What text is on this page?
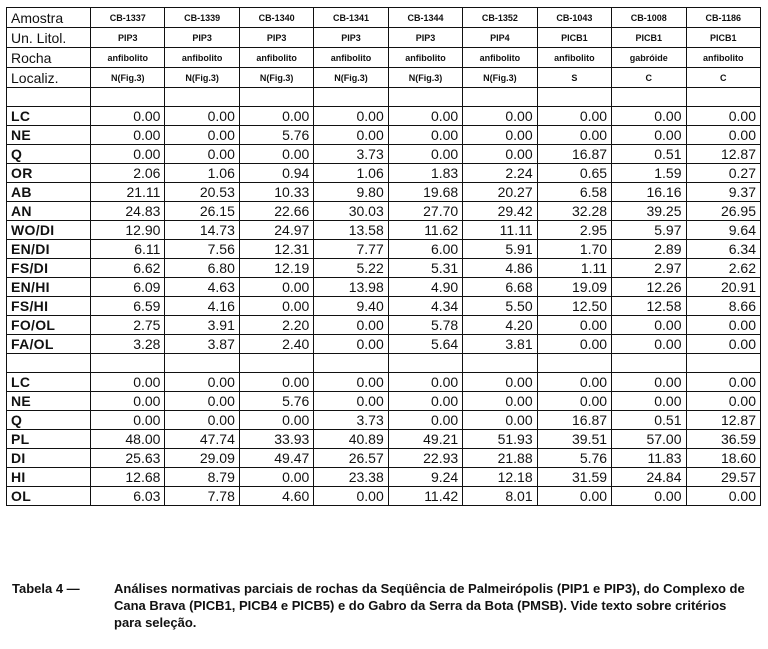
Amostra	CB-1337	CB-1339	CB-1340	CB-1341	CB-1344	CB-1352	CB-1043	CB-1008	CB-1186
Un. Litol.	PIP3	PIP3	PIP3	PIP3	PIP3	PIP4	PICB1	PICB1	PICB1
Rocha	anfibolito	anfibolito	anfibolito	anfibolito	anfibolito	anfibolito	anfibolito	gabróide	anfibolito
Localiz.	N(Fig.3)	N(Fig.3)	N(Fig.3)	N(Fig.3)	N(Fig.3)	N(Fig.3)	S	C	C

LC	0.00	0.00	0.00	0.00	0.00	0.00	0.00	0.00	0.00
NE	0.00	0.00	5.76	0.00	0.00	0.00	0.00	0.00	0.00
Q	0.00	0.00	0.00	3.73	0.00	0.00	16.87	0.51	12.87
OR	2.06	1.06	0.94	1.06	1.83	2.24	0.65	1.59	0.27
AB	21.11	20.53	10.33	9.80	19.68	20.27	6.58	16.16	9.37
AN	24.83	26.15	22.66	30.03	27.70	29.42	32.28	39.25	26.95
WO/DI	12.90	14.73	24.97	13.58	11.62	11.11	2.95	5.97	9.64
EN/DI	6.11	7.56	12.31	7.77	6.00	5.91	1.70	2.89	6.34
FS/DI	6.62	6.80	12.19	5.22	5.31	4.86	1.11	2.97	2.62
EN/HI	6.09	4.63	0.00	13.98	4.90	6.68	19.09	12.26	20.91
FS/HI	6.59	4.16	0.00	9.40	4.34	5.50	12.50	12.58	8.66
FO/OL	2.75	3.91	2.20	0.00	5.78	4.20	0.00	0.00	0.00
FA/OL	3.28	3.87	2.40	0.00	5.64	3.81	0.00	0.00	0.00

LC	0.00	0.00	0.00	0.00	0.00	0.00	0.00	0.00	0.00
NE	0.00	0.00	5.76	0.00	0.00	0.00	0.00	0.00	0.00
Q	0.00	0.00	0.00	3.73	0.00	0.00	16.87	0.51	12.87
PL	48.00	47.74	33.93	40.89	49.21	51.93	39.51	57.00	36.59
DI	25.63	29.09	49.47	26.57	22.93	21.88	5.76	11.83	18.60
HI	12.68	8.79	0.00	23.38	9.24	12.18	31.59	24.84	29.57
OL	6.03	7.78	4.60	0.00	11.42	8.01	0.00	0.00	0.00
Tabela 4 —	Análises normativas parciais de rochas da Seqüência de Palmeirópolis (PIP1 e PIP3), do Complexo de Cana Brava (PICB1, PICB4 e PICB5) e do Gabro da Serra da Bota (PMSB). Vide texto sobre critérios para seleção.
